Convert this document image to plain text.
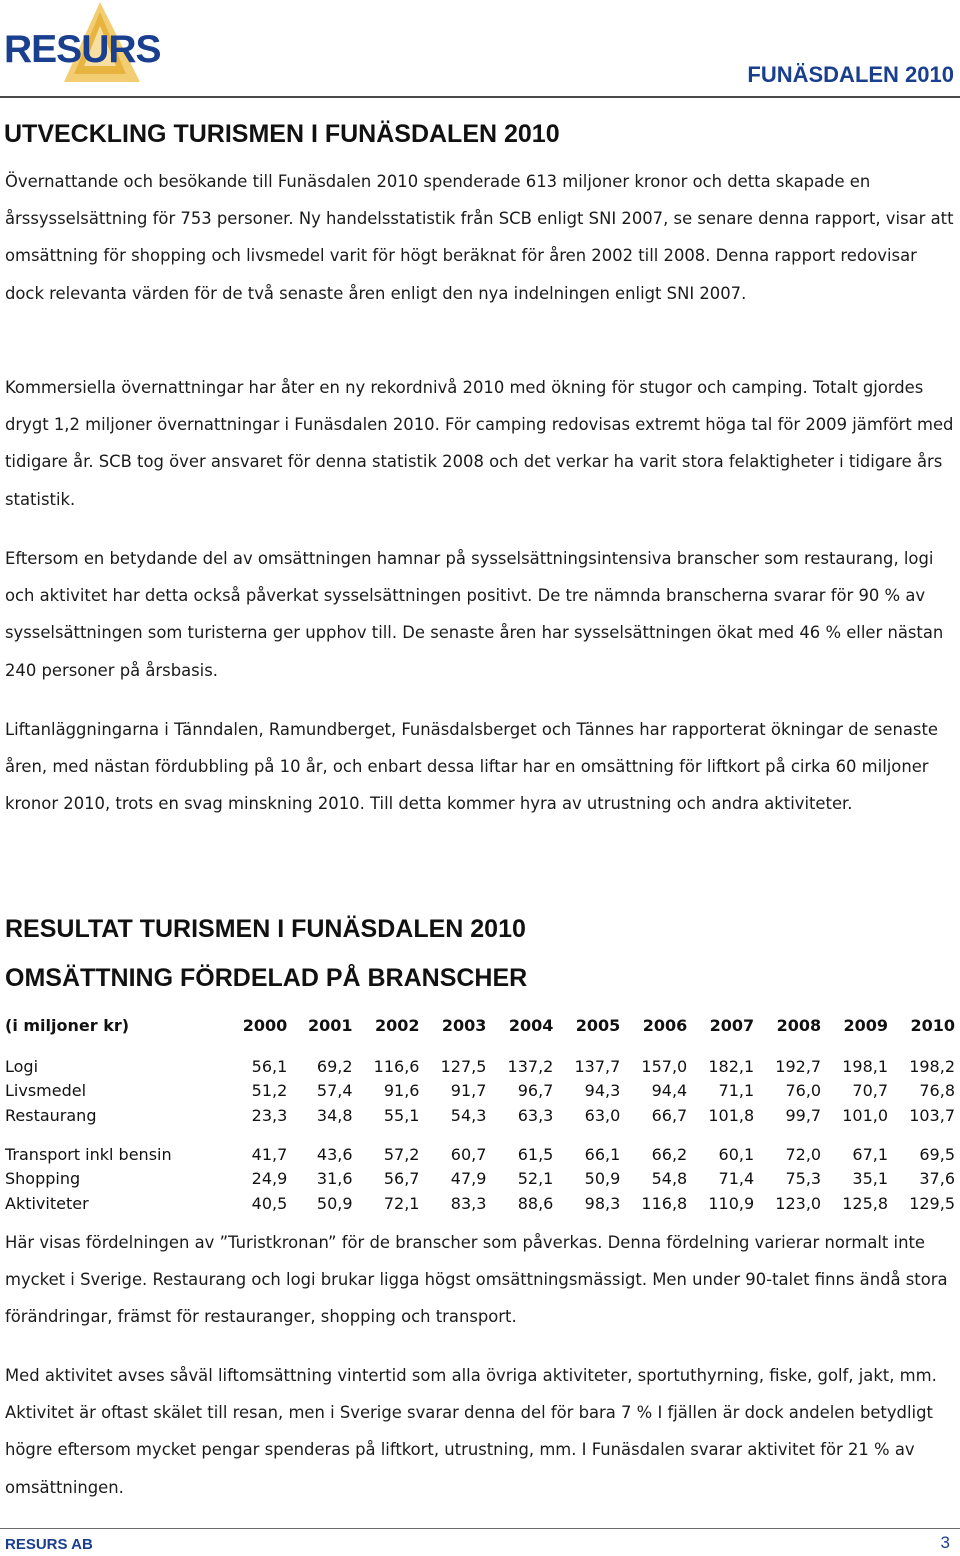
RESURS
FUNÄSDALEN 2010
UTVECKLING TURISMEN I FUNÄSDALEN 2010

Övernattande och besökande till Funäsdalen 2010 spenderade 613 miljoner kronor och detta skapade en årssysselsättning för 753 personer. Ny handelsstatistik från SCB enligt SNI 2007, se senare denna rapport, visar att omsättning för shopping och livsmedel varit för högt beräknat för åren 2002 till 2008. Denna rapport redovisar dock relevanta värden för de två senaste åren enligt den nya indelningen enligt SNI 2007.

Kommersiella övernattningar har åter en ny rekordnivå 2010 med ökning för stugor och camping. Totalt gjordes drygt 1,2 miljoner övernattningar i Funäsdalen 2010. För camping redovisas extremt höga tal för 2009 jämfört med tidigare år. SCB tog över ansvaret för denna statistik 2008 och det verkar ha varit stora felaktigheter i tidigare års statistik.

Eftersom en betydande del av omsättningen hamnar på sysselsättningsintensiva branscher som restaurang, logi och aktivitet har detta också påverkat sysselsättningen positivt. De tre nämnda branscherna svarar för 90 % av sysselsättningen som turisterna ger upphov till. De senaste åren har sysselsättningen ökat med 46 % eller nästan 240 personer på årsbasis.

Liftanläggningarna i Tänndalen, Ramundberget, Funäsdalsberget och Tännes har rapporterat ökningar de senaste åren, med nästan fördubbling på 10 år, och enbart dessa liftar har en omsättning för liftkort på cirka 60 miljoner kronor 2010, trots en svag minskning 2010. Till detta kommer hyra av utrustning och andra aktiviteter.

RESULTAT TURISMEN I FUNÄSDALEN 2010
OMSÄTTNING FÖRDELAD PÅ BRANSCHER
(i miljoner kr)	2000	2001	2002	2003	2004	2005	2006	2007	2008	2009	2010

Logi	56,1	69,2	116,6	127,5	137,2	137,7	157,0	182,1	192,7	198,1	198,2
Livsmedel	51,2	57,4	91,6	91,7	96,7	94,3	94,4	71,1	76,0	70,7	76,8
Restaurang	23,3	34,8	55,1	54,3	63,3	63,0	66,7	101,8	99,7	101,0	103,7

Transport inkl bensin	41,7	43,6	57,2	60,7	61,5	66,1	66,2	60,1	72,0	67,1	69,5
Shopping	24,9	31,6	56,7	47,9	52,1	50,9	54,8	71,4	75,3	35,1	37,6
Aktiviteter	40,5	50,9	72,1	83,3	88,6	98,3	116,8	110,9	123,0	125,8	129,5

Här visas fördelningen av ”Turistkronan” för de branscher som påverkas. Denna fördelning varierar normalt inte mycket i Sverige. Restaurang och logi brukar ligga högst omsättningsmässigt. Men under 90-talet finns ändå stora förändringar, främst för restauranger, shopping och transport.

Med aktivitet avses såväl liftomsättning vintertid som alla övriga aktiviteter, sportuthyrning, fiske, golf, jakt, mm. Aktivitet är oftast skälet till resan, men i Sverige svarar denna del för bara 7 % I fjällen är dock andelen betydligt högre eftersom mycket pengar spenderas på liftkort, utrustning, mm. I Funäsdalen svarar aktivitet för 21 % av omsättningen.

RESURS AB	3
